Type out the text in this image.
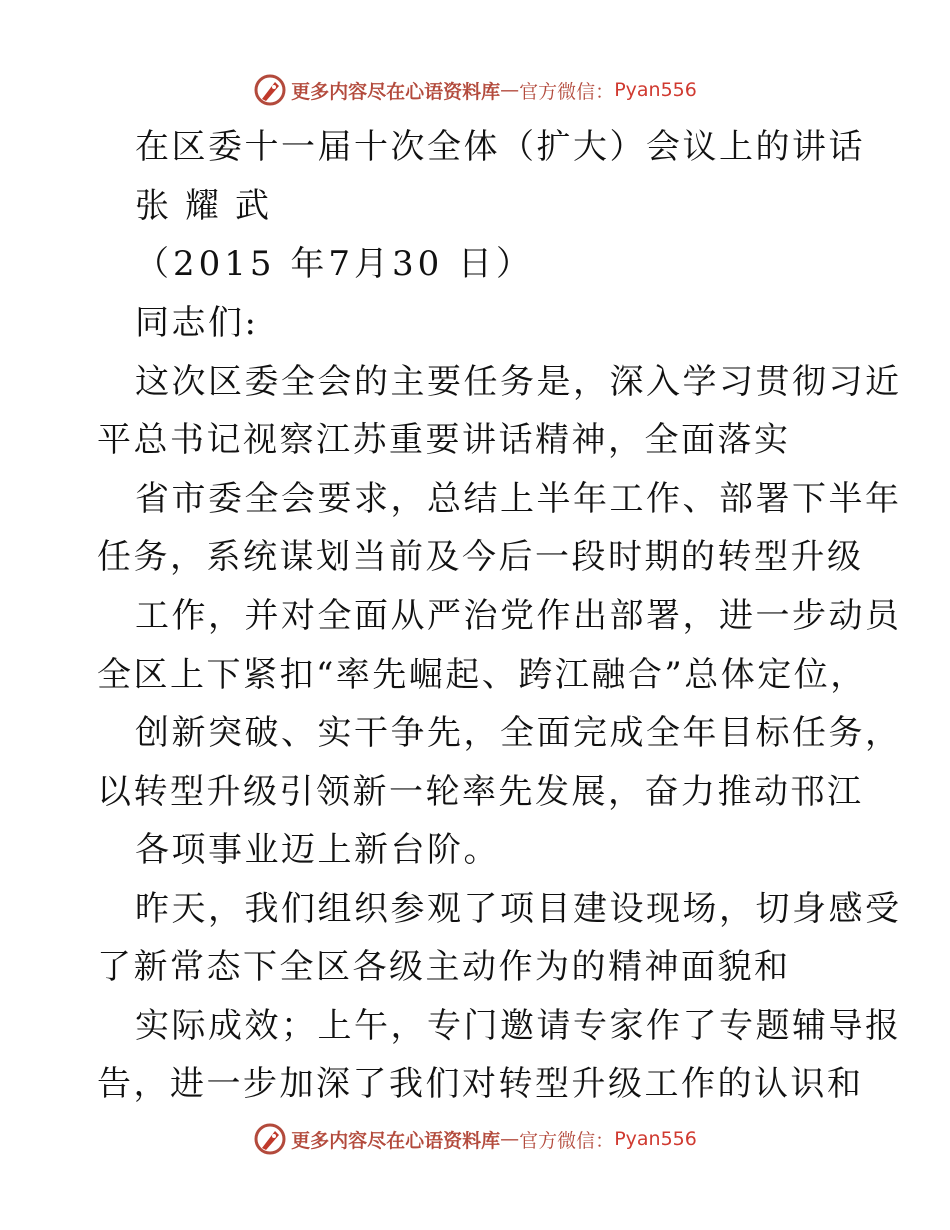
更多内容尽在心语资料库 — 官方微信： Pyan556
在区委十一届十次全体（扩大）会议上的讲话
张耀武
（2015 年7月30 日）
同志们:
这次区委全会的主要任务是，深入学习贯彻习近
平总书记视察江苏重要讲话精神，全面落实
省市委全会要求，总结上半年工作、部署下半年
任务，系统谋划当前及今后一段时期的转型升级
工作，并对全面从严治党作出部署，进一步动员
全区上下紧扣“率先崛起、跨江融合”总体定位，
创新突破、实干争先，全面完成全年目标任务，
以转型升级引领新一轮率先发展，奋力推动邗江
各项事业迈上新台阶。
昨天，我们组织参观了项目建设现场，切身感受
了新常态下全区各级主动作为的精神面貌和
实际成效；上午，专门邀请专家作了专题辅导报
告，进一步加深了我们对转型升级工作的认识和
更多内容尽在心语资料库 — 官方微信： Pyan556
